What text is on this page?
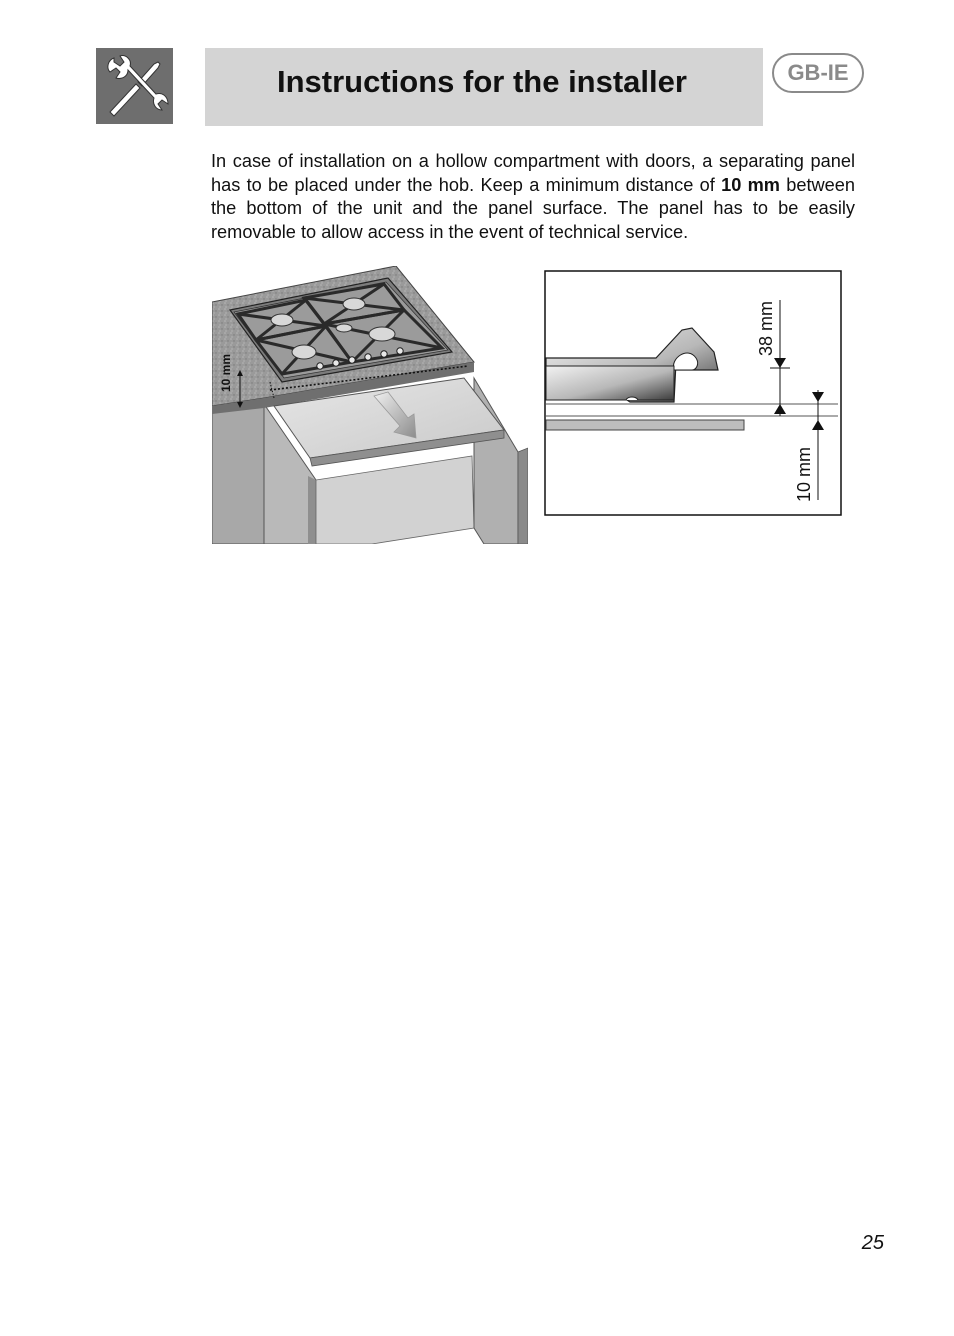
Instructions for the installer	GB-IE
In case of installation on a hollow compartment with doors, a separating panel has to be placed under the hob. Keep a minimum distance of 10 mm between the bottom of the unit and the panel surface. The panel has to be easily removable to allow access in the event of technical service.
10 mm
38 mm
10 mm
25
